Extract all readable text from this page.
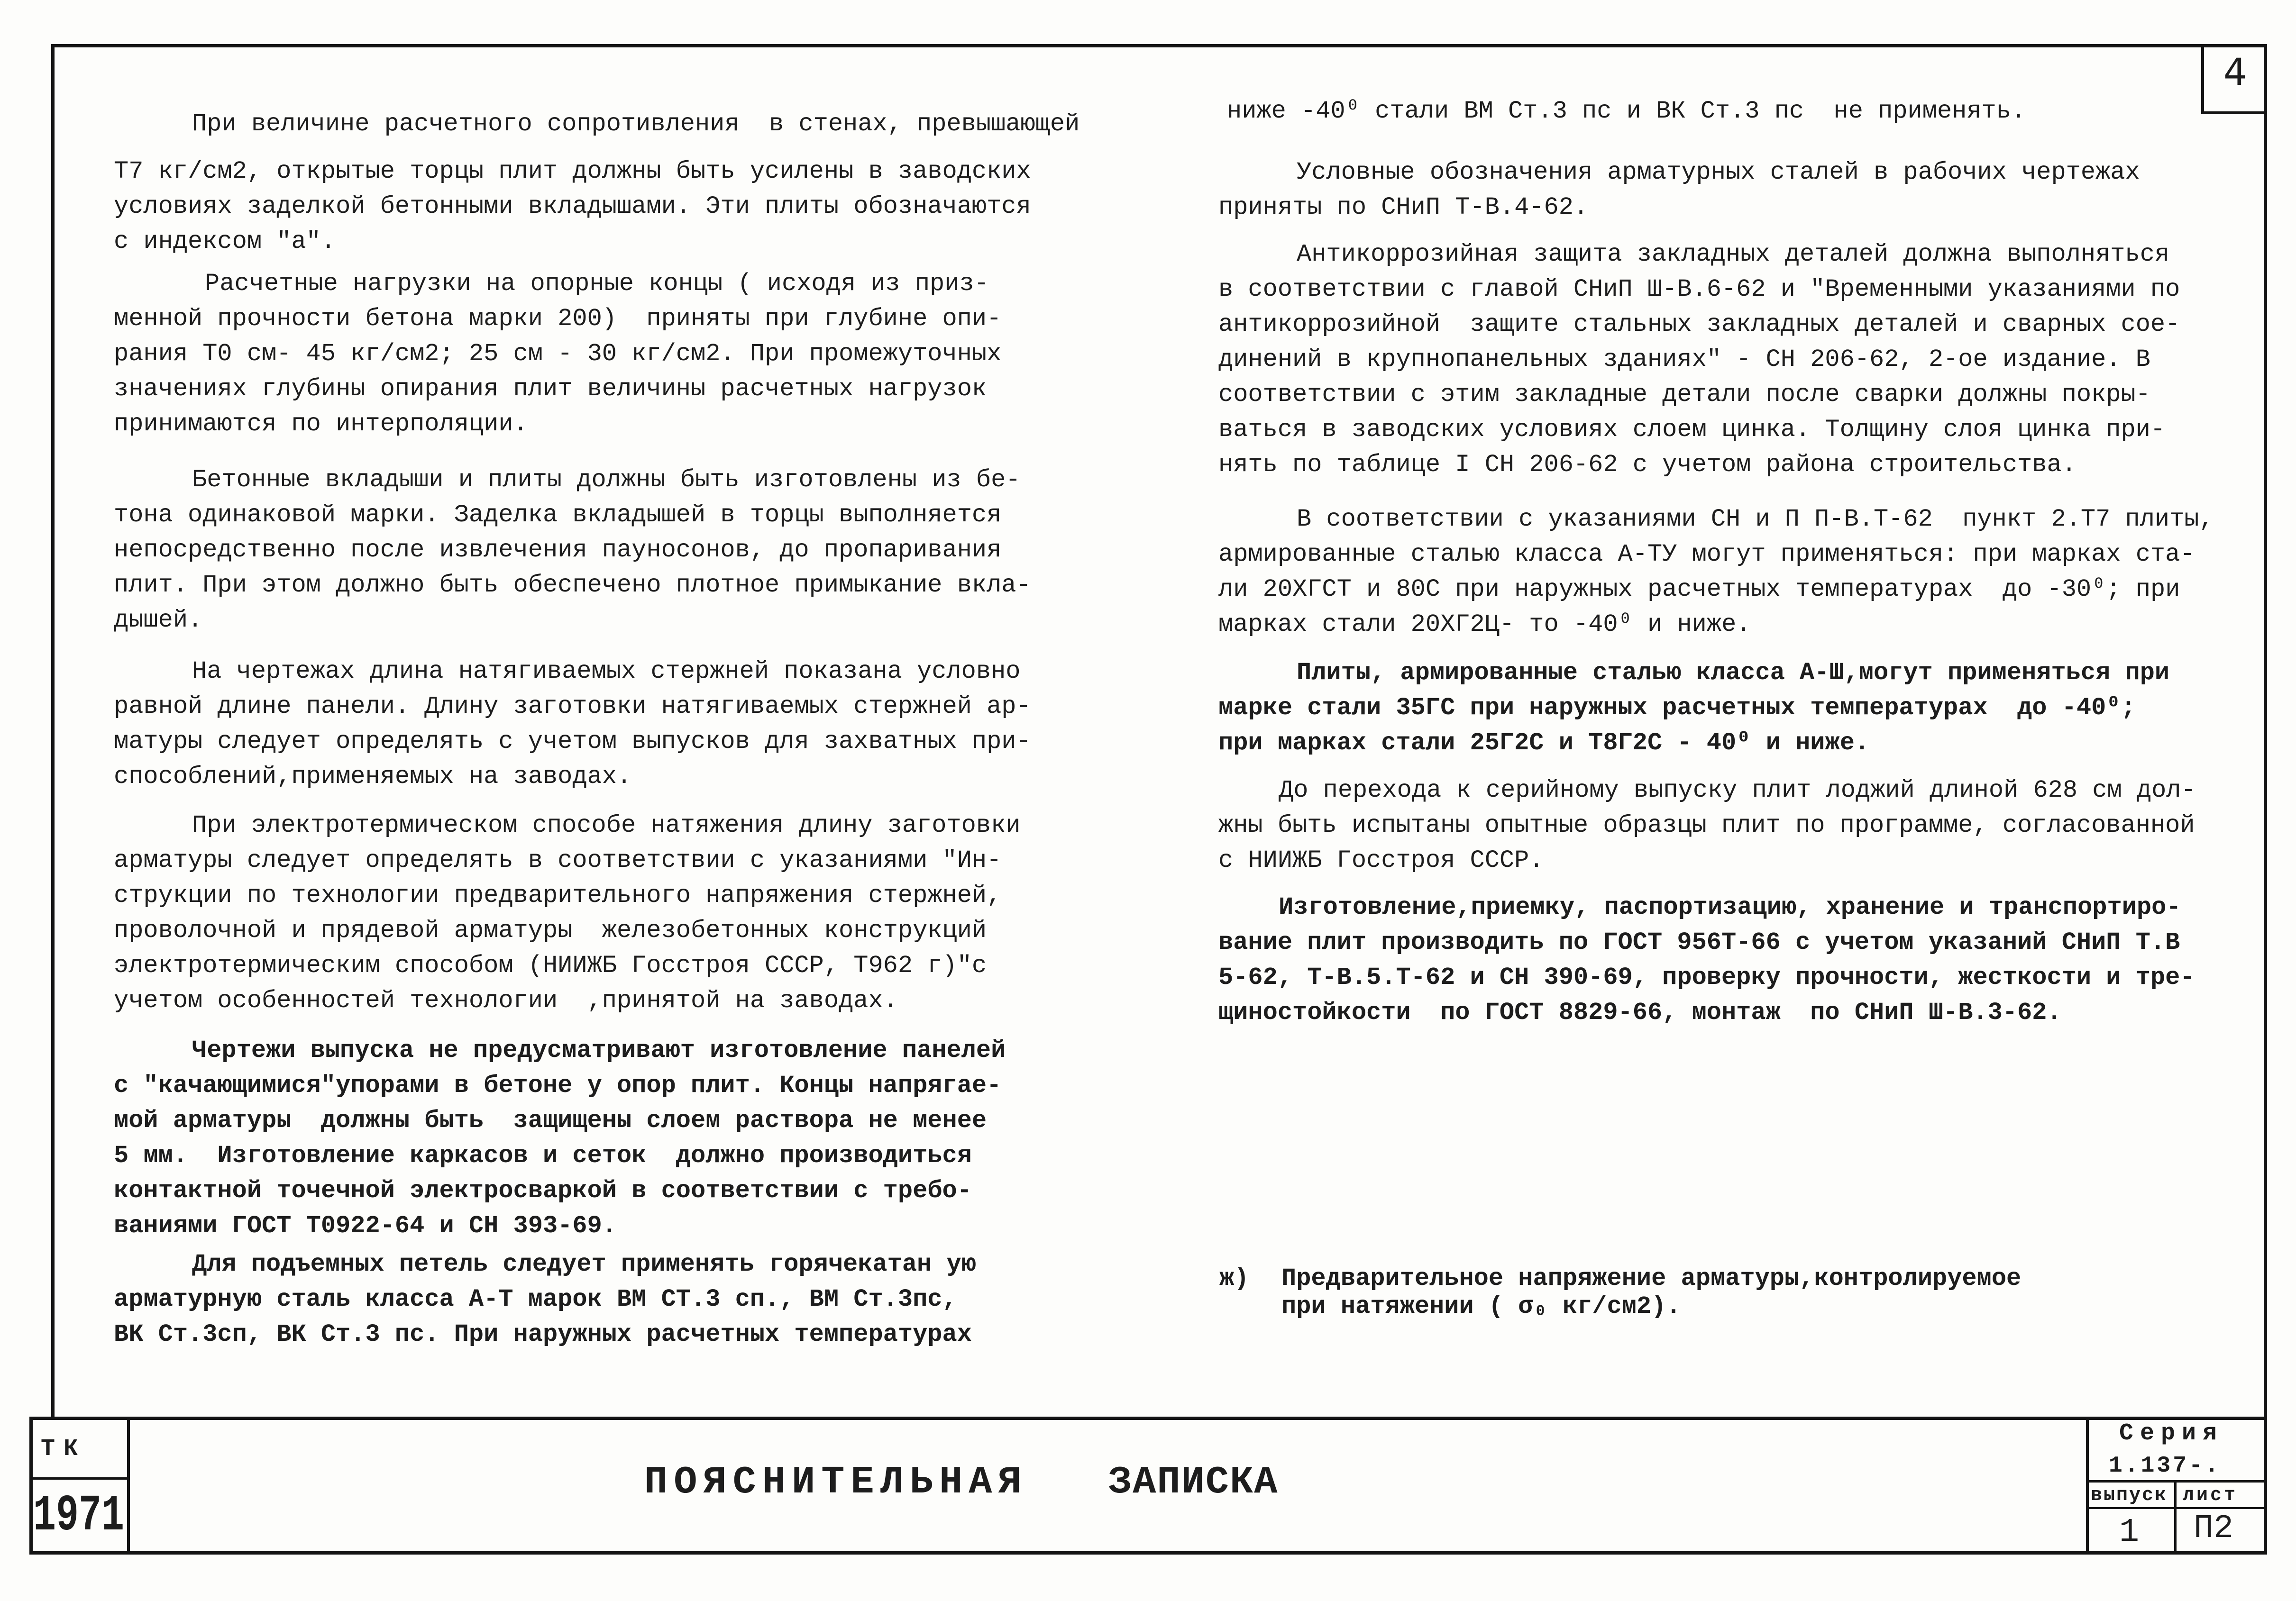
4
При величине расчетного сопротивления  в стенах, превышающей
Т7 кг/см2, открытые торцы плит должны быть усилены в заводских
условиях заделкой бетонными вкладышами. Эти плиты обозначаются
с индексом "а".
Расчетные нагрузки на опорные концы ( исходя из приз-
менной прочности бетона марки 200)  приняты при глубине опи-
рания Т0 см- 45 кг/см2; 25 см - 30 кг/см2. При промежуточных
значениях глубины опирания плит величины расчетных нагрузок
принимаются по интерполяции.
Бетонные вкладыши и плиты должны быть изготовлены из бе-
тона одинаковой марки. Заделка вкладышей в торцы выполняется
непосредственно после извлечения пауносонов, до пропаривания
плит. При этом должно быть обеспечено плотное примыкание вкла-
дышей.
На чертежах длина натягиваемых стержней показана условно
равной длине панели. Длину заготовки натягиваемых стержней ар-
матуры следует определять с учетом выпусков для захватных при-
способлений,применяемых на заводах.
При электротермическом способе натяжения длину заготовки
арматуры следует определять в соответствии с указаниями "Ин-
струкции по технологии предварительного напряжения стержней,
проволочной и прядевой арматуры  железобетонных конструкций
электротермическим способом (НИИЖБ Госстроя СССР, Т962 г)"с
учетом особенностей технологии  ,принятой на заводах.
Чертежи выпуска не предусматривают изготовление панелей
с "качающимися"упорами в бетоне у опор плит. Концы напрягае-
мой арматуры  должны быть  защищены слоем раствора не менее
5 мм.  Изготовление каркасов и сеток  должно производиться
контактной точечной электросваркой в соответствии с требо-
ваниями ГОСТ Т0922-64 и СН 393-69.
Для подъемных петель следует применять горячекатан ую
арматурную сталь класса А-Т марок ВМ СТ.3 сп., ВМ Ст.3пс,
ВК Ст.3сп, ВК Ст.3 пс. При наружных расчетных температурах
ниже -40⁰ стали ВМ Ст.3 пс и ВК Ст.3 пс  не применять.
Условные обозначения арматурных сталей в рабочих чертежах
приняты по СНиП Т-В.4-62.
Антикоррозийная защита закладных деталей должна выполняться
в соответствии с главой СНиП Ш-В.6-62 и "Временными указаниями по
антикоррозийной  защите стальных закладных деталей и сварных сое-
динений в крупнопанельных зданиях" - СН 206-62, 2-ое издание. В
соответствии с этим закладные детали после сварки должны покры-
ваться в заводских условиях слоем цинка. Толщину слоя цинка при-
нять по таблице I СН 206-62 с учетом района строительства.
В соответствии с указаниями СН и П П-В.Т-62  пункт 2.Т7 плиты,
армированные сталью класса А-ТУ могут применяться: при марках ста-
ли 20ХГСТ и 80С при наружных расчетных температурах  до -30⁰; при
марках стали 20ХГ2Ц- то -40⁰ и ниже.
Плиты, армированные сталью класса А-Ш,могут применяться при
марке стали 35ГС при наружных расчетных температурах  до -40⁰;
при марках стали 25Г2С и Т8Г2С - 40⁰ и ниже.
До перехода к серийному выпуску плит лоджий длиной 628 см дол-
жны быть испытаны опытные образцы плит по программе, согласованной
с НИИЖБ Госстроя СССР.
Изготовление,приемку, паспортизацию, хранение и транспортиро-
вание плит производить по ГОСТ 956Т-66 с учетом указаний СНиП Т.В
5-62, Т-В.5.Т-62 и СН 390-69, проверку прочности, жесткости и тре-
щиностойкости  по ГОСТ 8829-66, монтаж  по СНиП Ш-В.3-62.
ж) Предварительное напряжение арматуры,контролируемое
при натяжении ( σ₀ кг/см2).
ТК
1971
ПОЯСНИТЕЛЬНАЯ ЗАПИСКА
Серия
1.137-.
выпуск лист
1 П2
